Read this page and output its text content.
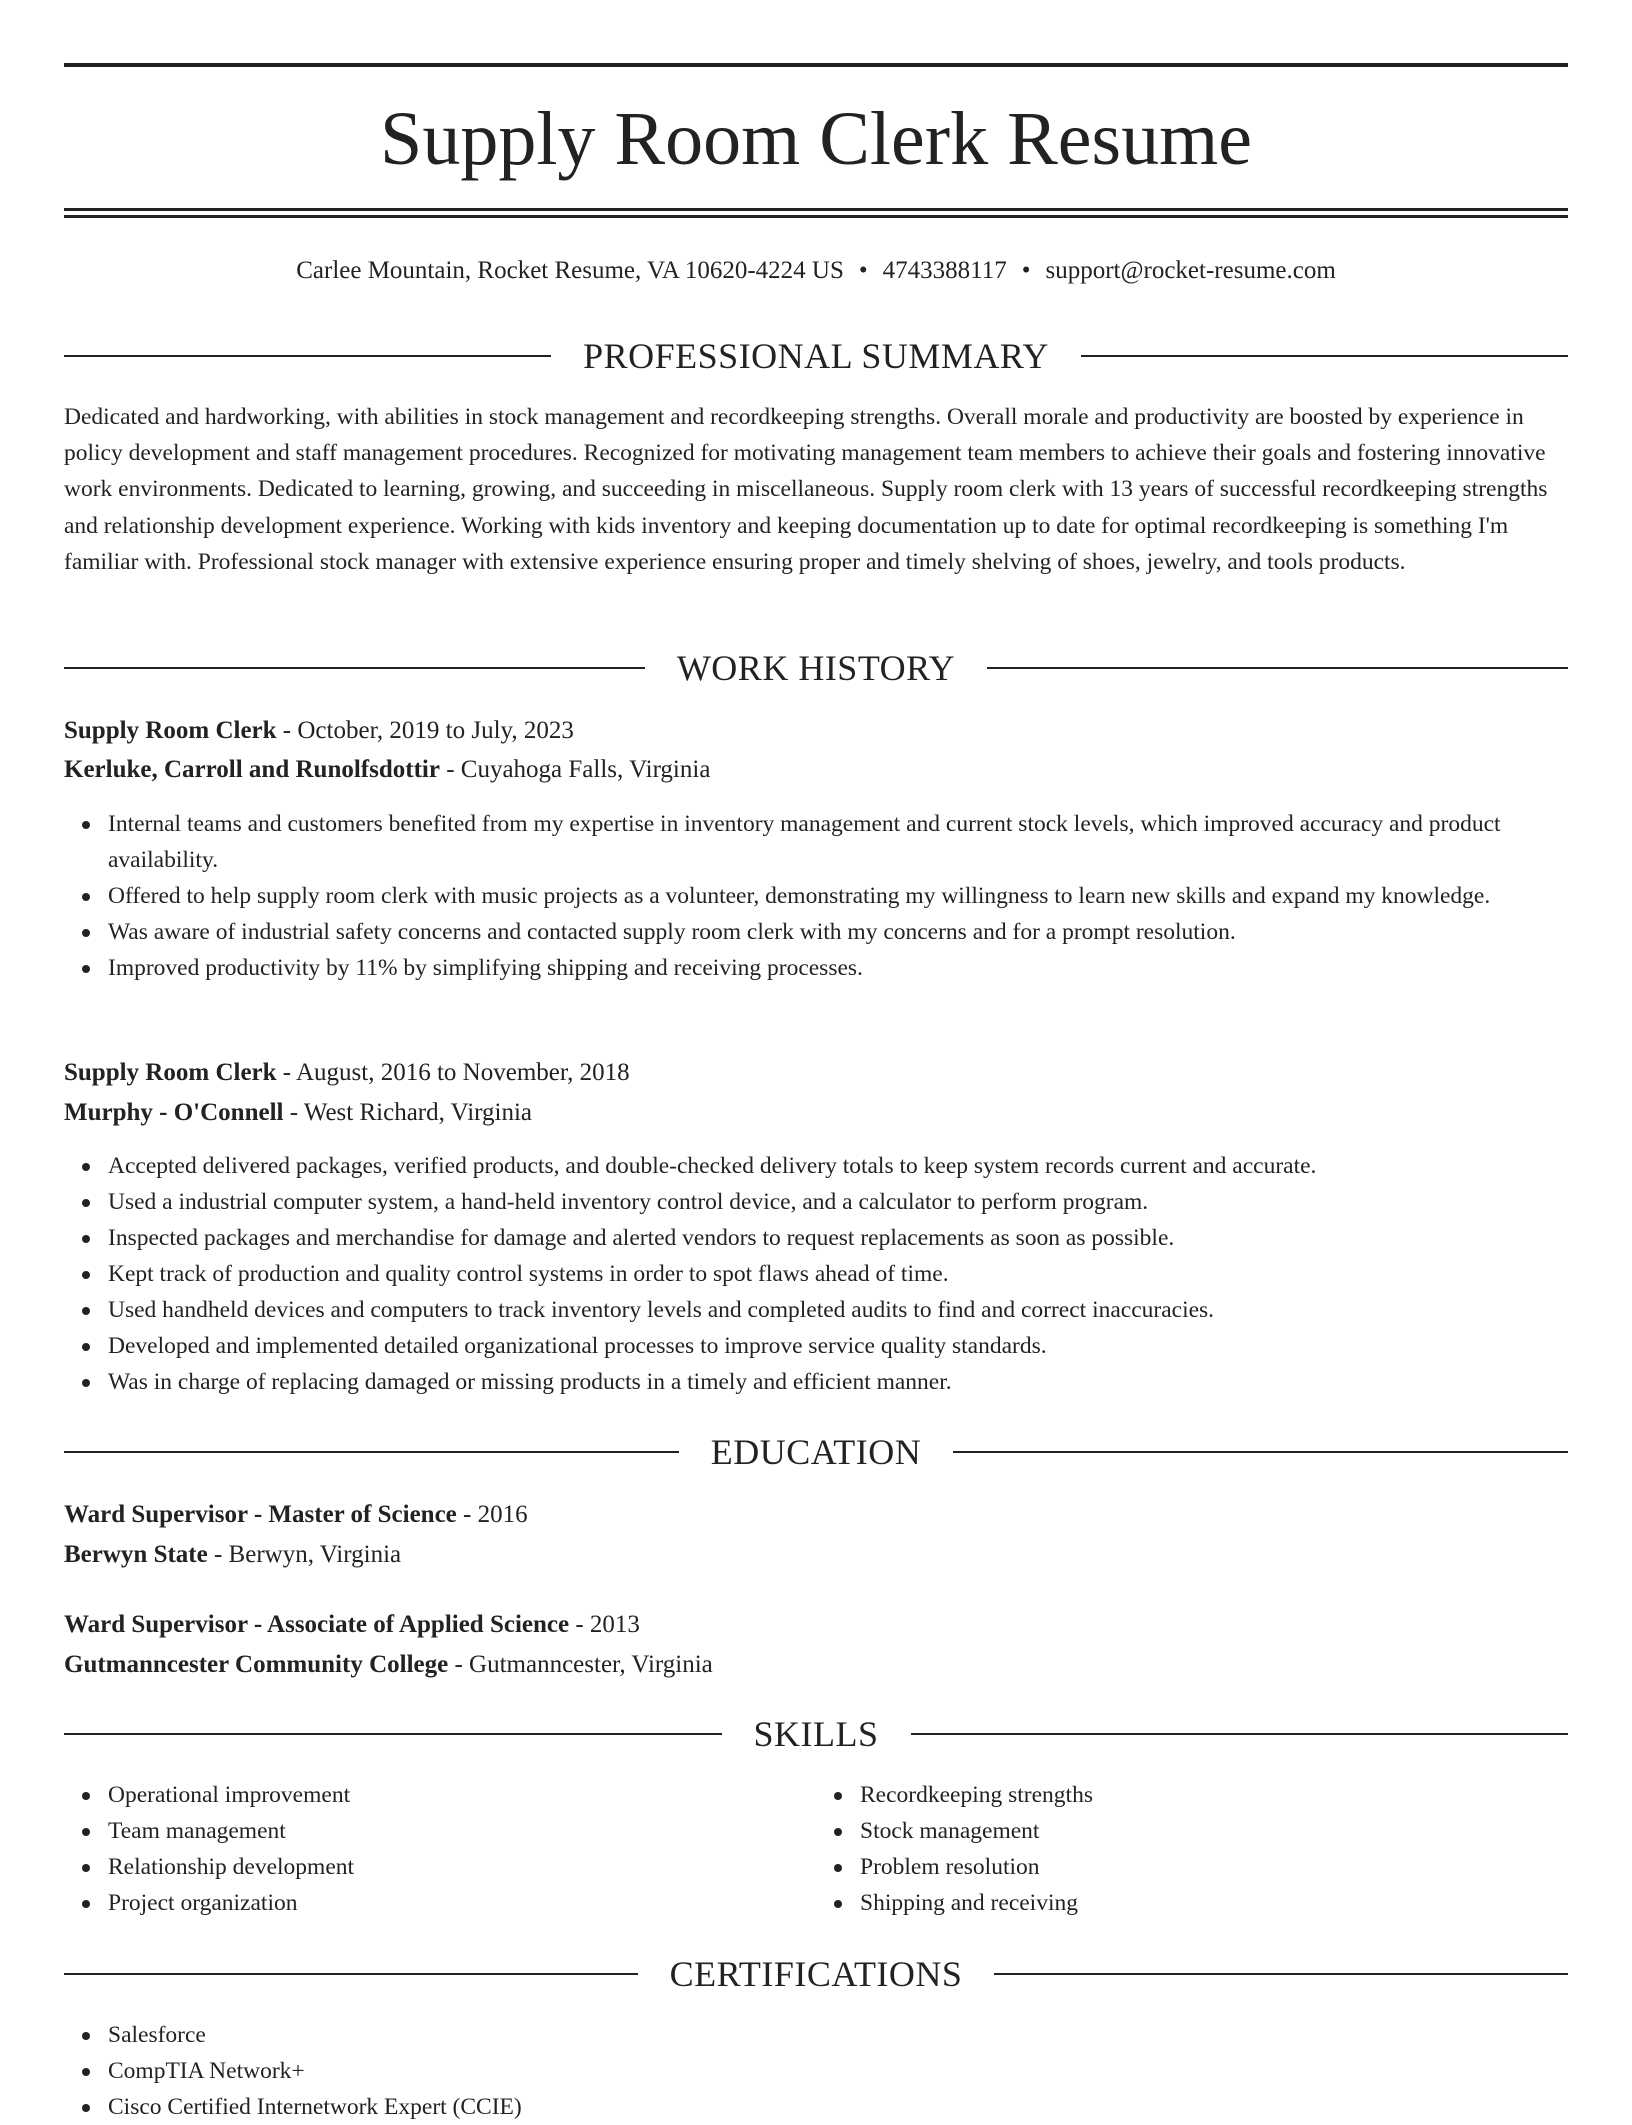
Supply Room Clerk Resume
Carlee Mountain, Rocket Resume, VA 10620-4224 US • 4743388117 • support@rocket-resume.com
PROFESSIONAL SUMMARY

Dedicated and hardworking, with abilities in stock management and recordkeeping strengths. Overall morale and productivity are boosted by experience in policy development and staff management procedures. Recognized for motivating management team members to achieve their goals and fostering innovative work environments. Dedicated to learning, growing, and succeeding in miscellaneous. Supply room clerk with 13 years of successful recordkeeping strengths and relationship development experience. Working with kids inventory and keeping documentation up to date for optimal recordkeeping is something I'm familiar with. Professional stock manager with extensive experience ensuring proper and timely shelving of shoes, jewelry, and tools products.

WORK HISTORY
Supply Room Clerk - October, 2019 to July, 2023
Kerluke, Carroll and Runolfsdottir - Cuyahoga Falls, Virginia
Internal teams and customers benefited from my expertise in inventory management and current stock levels, which improved accuracy and product availability.
Offered to help supply room clerk with music projects as a volunteer, demonstrating my willingness to learn new skills and expand my knowledge.
Was aware of industrial safety concerns and contacted supply room clerk with my concerns and for a prompt resolution.
Improved productivity by 11% by simplifying shipping and receiving processes.
Supply Room Clerk - August, 2016 to November, 2018
Murphy - O'Connell - West Richard, Virginia
Accepted delivered packages, verified products, and double-checked delivery totals to keep system records current and accurate.
Used a industrial computer system, a hand-held inventory control device, and a calculator to perform program.
Inspected packages and merchandise for damage and alerted vendors to request replacements as soon as possible.
Kept track of production and quality control systems in order to spot flaws ahead of time.
Used handheld devices and computers to track inventory levels and completed audits to find and correct inaccuracies.
Developed and implemented detailed organizational processes to improve service quality standards.
Was in charge of replacing damaged or missing products in a timely and efficient manner.
EDUCATION
Ward Supervisor - Master of Science - 2016
Berwyn State - Berwyn, Virginia
Ward Supervisor - Associate of Applied Science - 2013
Gutmanncester Community College - Gutmanncester, Virginia
SKILLS
Operational improvement
Team management
Relationship development
Project organization
Recordkeeping strengths
Stock management
Problem resolution
Shipping and receiving
CERTIFICATIONS
Salesforce
CompTIA Network+
Cisco Certified Internetwork Expert (CCIE)
